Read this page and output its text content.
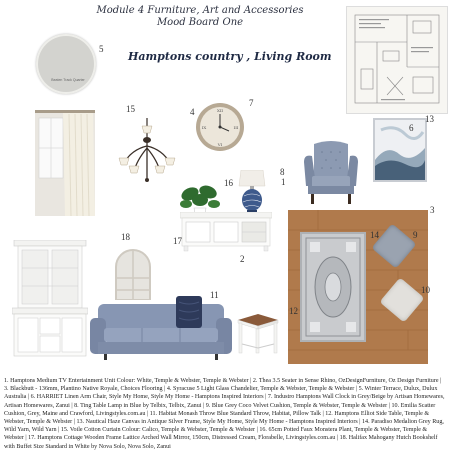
Module 4 Furniture, Art and Accessories
Mood Board One
Hamptons country , Living Room
Beaten Track Quarter
XII
III
VI
IX
1
2
3
4
5
6
7
8
9
10
11
12
13
14
15
16
17
18
1. Hamptons Medium TV Entertainment Unit Colour: White, Temple & Webster, Temple & Webster | 2. Thea 3.5 Seater in Sense Rhino, OzDesignFurniture, Oz Design Furniture | 3. Blackbutt - 136mm, Plantino Native Royale, Choices Flooring | 4. Syracuse 5 Light Glass Chandelier, Temple & Webster, Temple & Webster | 5. Winter Terrace, Dulux, Dulux Australia | 6. HARRIET Linen Arm Chair, Style My Home, Style My Home - Hamptons Inspired Interiors | 7. Industro Hamptons Wall Clock in Grey/Beige by Artisan Homewares, Artisan Homewares, Zanui | 8. Ting Table Lamp in Blue by Telbix, Telbix, Zanui | 9. Blue Grey Coco Velvet Cushion, Temple & Webster, Temple & Webster | 10. Emilia Scatter Cushion, Grey, Maine and Crawford, Livingstyles.com.au | 11. Habitat Monash Throw Blue Standard Throw, Habitat, Pillow Talk | 12. Hamptons Elliot Side Table, Temple & Webster, Temple & Webster | 13. Nautical Haze Canvas in Antique Silver Frame, Style My Home, Style My Home - Hamptons Inspired Interiors | 14. Paradiso Medalion Grey Rug, Wild Yarn, Wild Yarn | 15. Voile Cotton Curtain Colour: Calico, Temple & Webster, Temple & Webster | 16. 65cm Potted Faux Monstera Plant, Temple & Webster, Temple & Webster | 17. Hamptons Cottage Wooden Frame Lattice Arched Wall Mirror, 150cm, Distressed Cream, Florabelle, Livingstyles.com.au | 18. Halifax Mahogany Hutch Bookshelf with Buffet Size Standard in White by Nova Solo, Nova Solo, Zanui
